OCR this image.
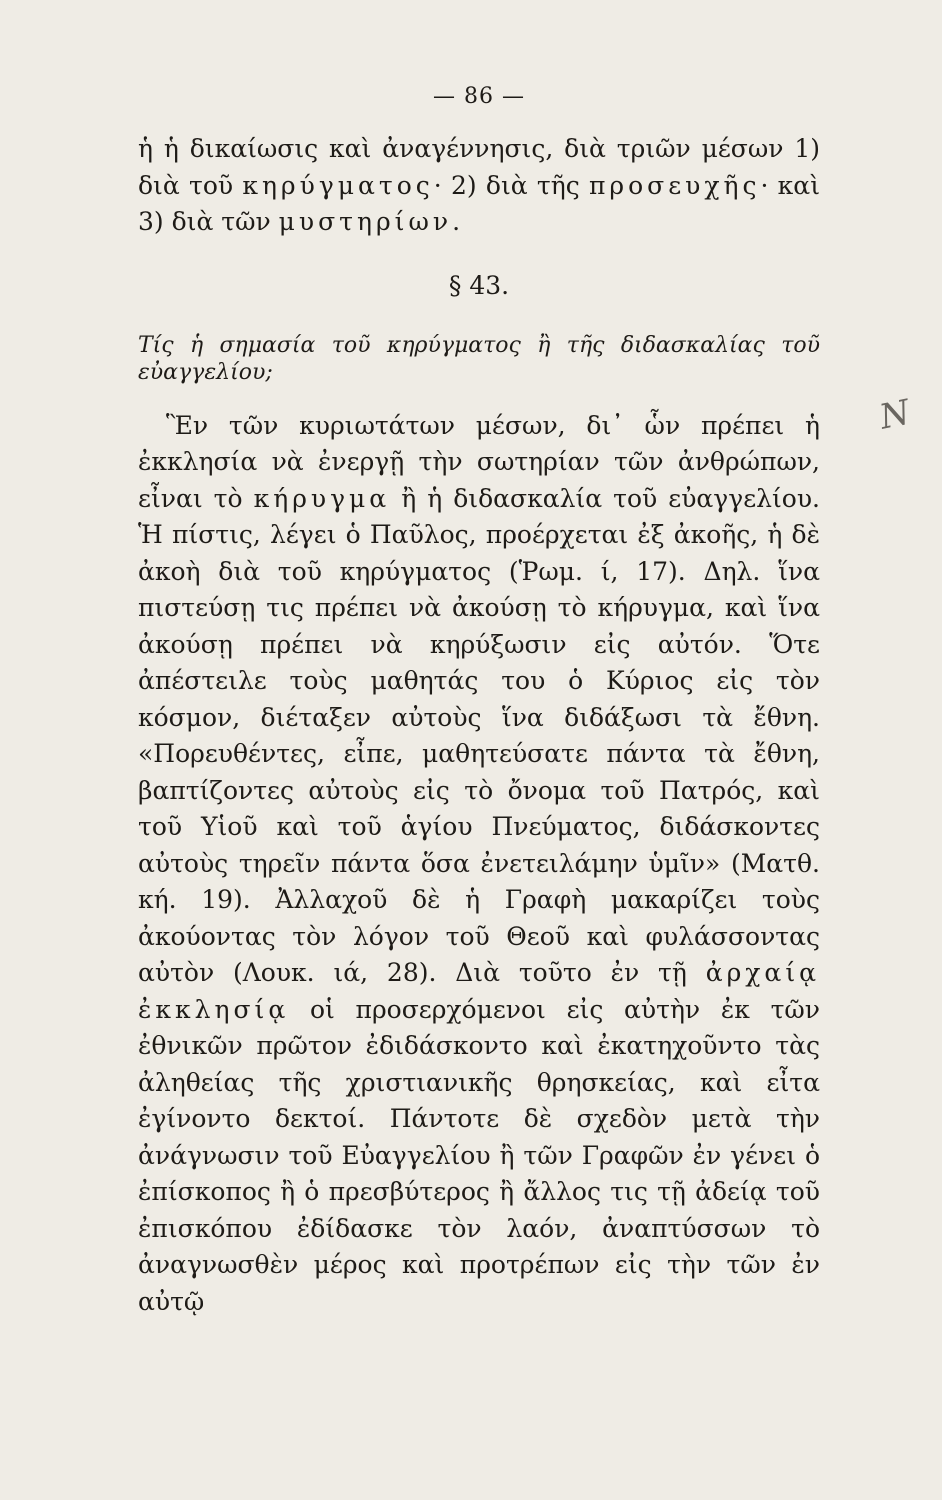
— 86 —

ἡ ἡ δικαίωσις καὶ ἀναγέννησις, διὰ τριῶν μέσων 1) διὰ τοῦ κηρύγματος· 2) διὰ τῆς προσευχῆς· καὶ 3) διὰ τῶν μυστηρίων.

§ 43.

Τίς ἡ σημασία τοῦ κηρύγματος ἢ τῆς διδασκαλίας τοῦ εὐαγγελίου;

Ἓν τῶν κυριωτάτων μέσων, δι᾽ ὧν πρέπει ἡ ἐκκλησία νὰ ἐνεργῇ τὴν σωτηρίαν τῶν ἀνθρώπων, εἶναι τὸ κήρυγμα ἢ ἡ διδασκαλία τοῦ εὐαγγελίου. Ἡ πίστις, λέγει ὁ Παῦλος, προέρχεται ἐξ ἀκοῆς, ἡ δὲ ἀκοὴ διὰ τοῦ κηρύγματος (Ῥωμ. ί, 17). Δηλ. ἵνα πιστεύσῃ τις πρέπει νὰ ἀκούσῃ τὸ κήρυγμα, καὶ ἵνα ἀκούσῃ πρέπει νὰ κηρύξωσιν εἰς αὐτόν. Ὅτε ἀπέστειλε τοὺς μαθητάς του ὁ Κύριος εἰς τὸν κόσμον, διέταξεν αὐτοὺς ἵνα διδάξωσι τὰ ἔθνη. «Πορευθέντες, εἶπε, μαθητεύσατε πάντα τὰ ἔθνη, βαπτίζοντες αὐτοὺς εἰς τὸ ὄνομα τοῦ Πατρός, καὶ τοῦ Υἱοῦ καὶ τοῦ ἁγίου Πνεύματος, διδάσκοντες αὐτοὺς τηρεῖν πάντα ὅσα ἐνετειλάμην ὑμῖν» (Ματθ. κή. 19). Ἀλλαχοῦ δὲ ἡ Γραφὴ μακαρίζει τοὺς ἀκούοντας τὸν λόγον τοῦ Θεοῦ καὶ φυλάσσοντας αὐτὸν (Λουκ. ιά, 28). Διὰ τοῦτο ἐν τῇ ἀρχαίᾳ ἐκκλησίᾳ οἱ προσερχόμενοι εἰς αὐτὴν ἐκ τῶν ἐθνικῶν πρῶτον ἐδιδάσκοντο καὶ ἐκατηχοῦντο τὰς ἀληθείας τῆς χριστιανικῆς θρησκείας, καὶ εἶτα ἐγίνοντο δεκτοί. Πάντοτε δὲ σχεδὸν μετὰ τὴν ἀνάγνωσιν τοῦ Εὐαγγελίου ἢ τῶν Γραφῶν ἐν γένει ὁ ἐπίσκοπος ἢ ὁ πρεσβύτερος ἢ ἄλλος τις τῇ ἀδείᾳ τοῦ ἐπισκόπου ἐδίδασκε τὸν λαόν, ἀναπτύσσων τὸ ἀναγνωσθὲν μέρος καὶ προτρέπων εἰς τὴν τῶν ἐν αὐτῷ

Ν
